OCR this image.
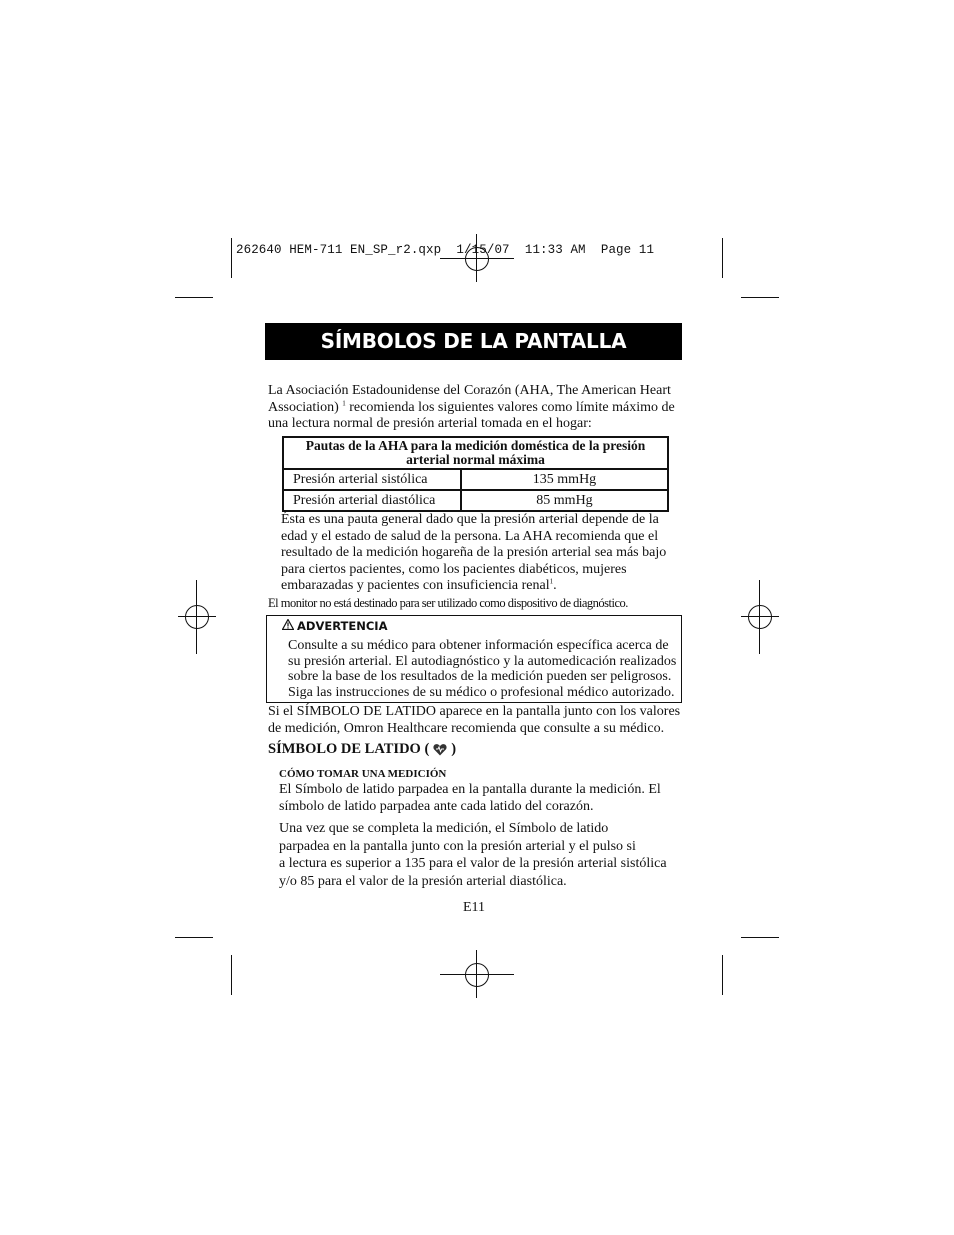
262640 HEM-711 EN_SP_r2.qxp  1/15/07  11:33 AM  Page 11
SÍMBOLOS DE LA PANTALLA
La Asociación Estadounidense del Corazón (AHA, The American Heart Association) $^1$ recomienda los siguientes valores como límite máximo de una lectura normal de presión arterial tomada en el hogar:
Pautas de la AHA para la medición doméstica de la presión arterial normal máxima
Presión arterial sistólica	135 mmHg
Presión arterial diastólica	85 mmHg
Ésta es una pauta general dado que la presión arterial depende de la edad y el estado de salud de la persona. La AHA recomienda que el resultado de la medición hogareña de la presión arterial sea más bajo para ciertos pacientes, como los pacientes diabéticos, mujeres embarazadas y pacientes con insuficiencia renal$^1$.
El monitor no está destinado para ser utilizado como dispositivo de diagnóstico.
ADVERTENCIA
Consulte a su médico para obtener información específica acerca de su presión arterial. El autodiagnóstico y la automedicación realizados sobre la base de los resultados de la medición pueden ser peligrosos. Siga las instrucciones de su médico o profesional médico autorizado.
Si el SÍMBOLO DE LATIDO aparece en la pantalla junto con los valores de medición, Omron Healthcare recomienda que consulte a su médico.
SÍMBOLO DE LATIDO ( )
CÓMO TOMAR UNA MEDICIÓN
El Símbolo de latido parpadea en la pantalla durante la medición. El símbolo de latido parpadea ante cada latido del corazón.
Una vez que se completa la medición, el Símbolo de latido
parpadea en la pantalla junto con la presión arterial y el pulso si
a lectura es superior a 135 para el valor de la presión arterial sistólica
y/o 85 para el valor de la presión arterial diastólica.
E11
